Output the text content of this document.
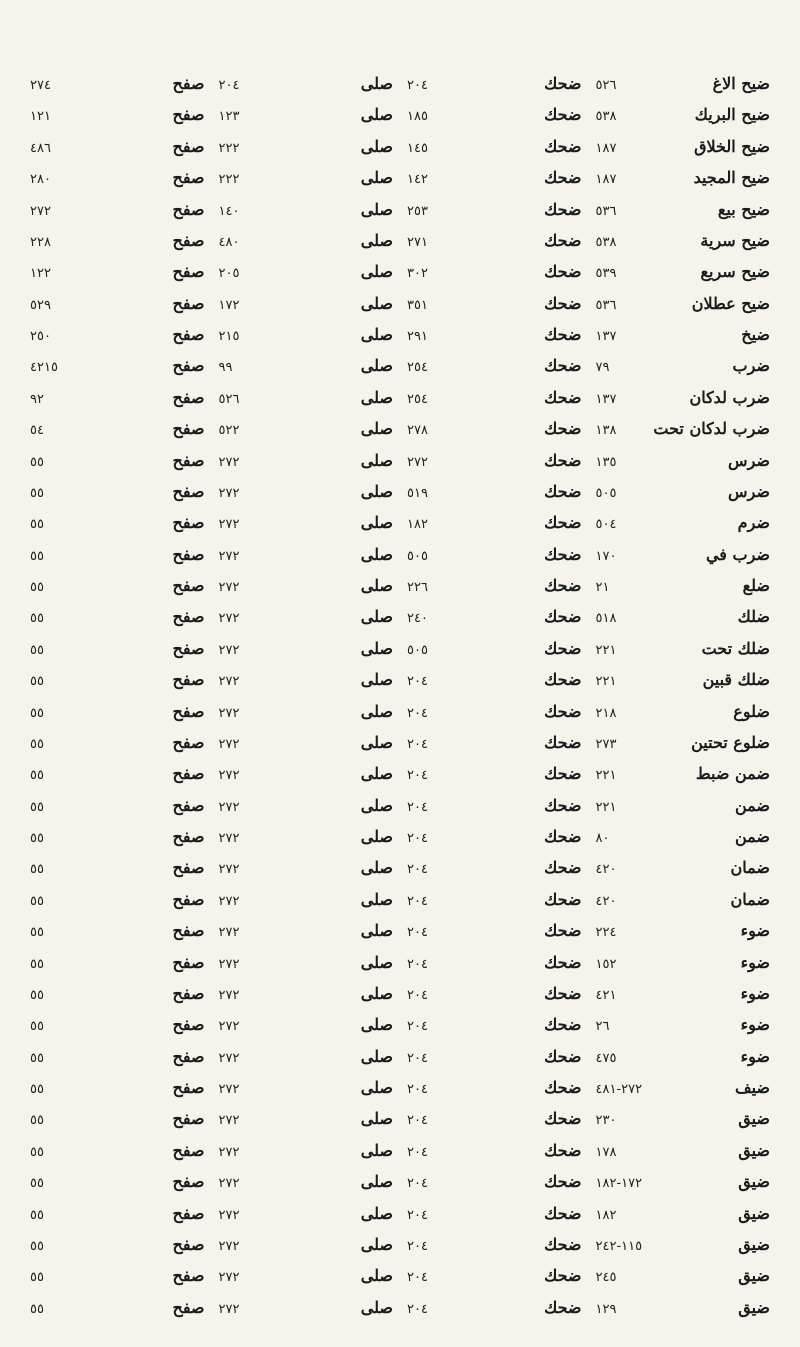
ضيح الاغ
٥٢٦
ضيح البريك
٥٣٨
ضيح الخلاق
١٨٧
ضيح المجيد
١٨٧
ضيح بيع
٥٣٦
ضيح سرية
٥٣٨
ضيح سريع
٥٣٩
ضيح عطلان
٥٣٦
ضيخ
١٣٧
ضرب
٧٩
ضرب لدكان
١٣٧
ضرب لدكان تحت
١٣٨
ضرس
١٣٥
ضرس
٥٠٥
ضرم
٥٠٤
ضرب في
١٧٠
ضلع
٢١
ضلك
٥١٨
ضلك تحت
٢٢١
ضلك قبين
٢٢١
ضلوع
٢١٨
ضلوع تحتين
٢٧٣
ضمن ضبط
٢٢١
ضمن
٢٢١
ضمن
٨٠
ضمان
٤٢٠
ضمان
٤٢٠
ضوء
٢٢٤
ضوء
١٥٢
ضوء
٤٢١
ضوء
٢٦
ضوء
٤٧٥
ضيف
٢٧٢-٤٨١
ضيق
٢٣٠
ضيق
١٧٨
ضيق
١٧٢-١٨٢
ضيق
١٨٢
ضيق
١١٥-٢٤٢
ضيق
٢٤٥
ضيق
١٢٩
ضحك
٢٠٤
ضحك
١٨٥
ضحك
١٤٥
ضحك
١٤٢
ضحك
٢٥٣
ضحك
٢٧١
ضحك
٣٠٢
ضحك
٣٥١
ضحك
٢٩١
ضحك
٢٥٤
ضحك
٢٥٤
ضحك
٢٧٨
ضحك
٢٧٢
ضحك
٥١٩
ضحك
١٨٢
ضحك
٥٠٥
ضحك
٢٢٦
ضحك
٢٤٠
ضحك
٥٠٥
ضحك
٢٠٤
ضحك
٢٠٤
ضحك
٢٠٤
ضحك
٢٠٤
ضحك
٢٠٤
ضحك
٢٠٤
ضحك
٢٠٤
ضحك
٢٠٤
ضحك
٢٠٤
ضحك
٢٠٤
ضحك
٢٠٤
ضحك
٢٠٤
ضحك
٢٠٤
ضحك
٢٠٤
ضحك
٢٠٤
ضحك
٢٠٤
ضحك
٢٠٤
ضحك
٢٠٤
ضحك
٢٠٤
ضحك
٢٠٤
ضحك
٢٠٤
صلى
٢٠٤
صلى
١٢٣
صلى
٢٢٢
صلى
٢٢٢
صلى
١٤٠
صلى
٤٨٠
صلى
٢٠٥
صلى
١٧٢
صلى
٢١٥
صلى
٩٩
صلى
٥٢٦
صلى
٥٢٢
صلى
٢٧٢
صلى
٢٧٢
صلى
٢٧٢
صلى
٢٧٢
صلى
٢٧٢
صلى
٢٧٢
صلى
٢٧٢
صلى
٢٧٢
صلى
٢٧٢
صلى
٢٧٢
صلى
٢٧٢
صلى
٢٧٢
صلى
٢٧٢
صلى
٢٧٢
صلى
٢٧٢
صلى
٢٧٢
صلى
٢٧٢
صلى
٢٧٢
صلى
٢٧٢
صلى
٢٧٢
صلى
٢٧٢
صلى
٢٧٢
صلى
٢٧٢
صلى
٢٧٢
صلى
٢٧٢
صلى
٢٧٢
صلى
٢٧٢
صلى
٢٧٢
صفح
٢٧٤
صفح
١٢١
صفح
٤٨٦
صفح
٢٨٠
صفح
٢٧٢
صفح
٢٢٨
صفح
١٢٢
صفح
٥٢٩
صفح
٢٥٠
صفح
٤٢١٥
صفح
٩٢
صفح
٥٤
صفح
٥٥
صفح
٥٥
صفح
٥٥
صفح
٥٥
صفح
٥٥
صفح
٥٥
صفح
٥٥
صفح
٥٥
صفح
٥٥
صفح
٥٥
صفح
٥٥
صفح
٥٥
صفح
٥٥
صفح
٥٥
صفح
٥٥
صفح
٥٥
صفح
٥٥
صفح
٥٥
صفح
٥٥
صفح
٥٥
صفح
٥٥
صفح
٥٥
صفح
٥٥
صفح
٥٥
صفح
٥٥
صفح
٥٥
صفح
٥٥
صفح
٥٥
